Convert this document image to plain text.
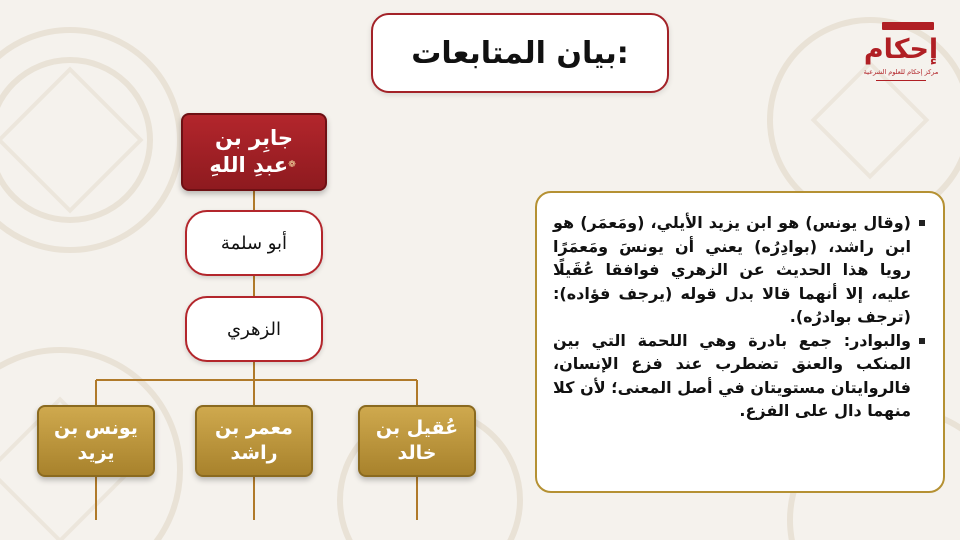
بيان المتابعات:	إحكام
مركز إحكام للعلوم الشرعية
جابِر بن
عبدِ اللهِ❁
أبو سلمة
الزهري
عُقيل بن
خالد
معمر بن
راشد
يونس بن
يزيد
(وقال يونس) هو ابن يزيد الأيلي، (ومَعمَر) هو ابن راشد، (بوادِرُه) يعني أن يونسَ ومَعمَرًا رويا هذا الحديث عن الزهري فوافقا عُقَيلًا عليه، إلا أنهما قالا بدل قوله (يرجف فؤاده): (ترجف بوادرُه).
والبوادر: جمع بادرة وهي اللحمة التي بين المنكب والعنق تضطرب عند فزع الإنسان، فالروايتان مستويتان في أصل المعنى؛ لأن كلا منهما دال على الفزع.
